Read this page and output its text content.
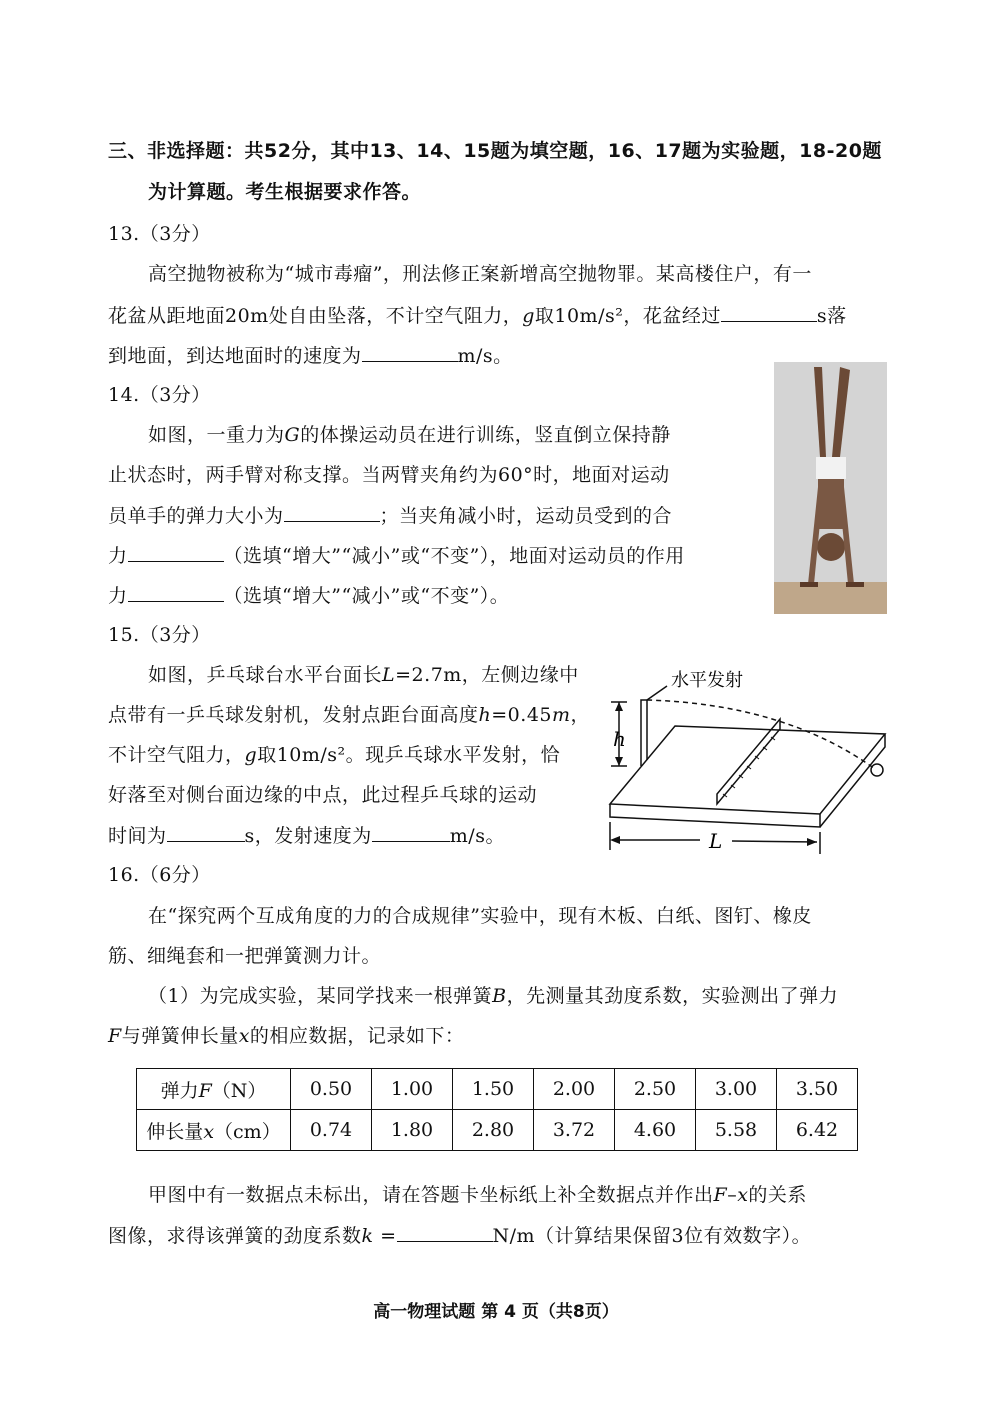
三、非选择题：共52分，其中13、14、15题为填空题，16、17题为实验题，18-20题
为计算题。考生根据要求作答。
13.（3分）
高空抛物被称为“城市毒瘤”，刑法修正案新增高空抛物罪。某高楼住户，有一
花盆从距地面20m处自由坠落，不计空气阻力，g取10m/s²，花盆经过	s落
到地面，到达地面时的速度为	m/s。
14.（3分）
如图，一重力为G的体操运动员在进行训练，竖直倒立保持静
止状态时，两手臂对称支撑。当两臂夹角约为60°时，地面对运动
员单手的弹力大小为	；当夹角减小时，运动员受到的合
力	（选填“增大”“减小”或“不变”），地面对运动员的作用
力	（选填“增大”“减小”或“不变”）。
15.（3分）
如图，乒乓球台水平台面长L=2.7m，左侧边缘中
点带有一乒乓球发射机，发射点距台面高度h=0.45m，
不计空气阻力，g取10m/s²。现乒乓球水平发射，恰
好落至对侧台面边缘的中点，此过程乒乓球的运动
时间为	s，发射速度为	m/s。
水平发射
h
L
16.（6分）
在“探究两个互成角度的力的合成规律”实验中，现有木板、白纸、图钉、橡皮
筋、细绳套和一把弹簧测力计。
（1）为完成实验，某同学找来一根弹簧B，先测量其劲度系数，实验测出了弹力
F与弹簧伸长量x的相应数据，记录如下：
弹力F（N）	0.50	1.00	1.50	2.00	2.50	3.00	3.50
伸长量x（cm）	0.74	1.80	2.80	3.72	4.60	5.58	6.42
甲图中有一数据点未标出，请在答题卡坐标纸上补全数据点并作出F–x的关系
图像，求得该弹簧的劲度系数k =	N/m（计算结果保留3位有效数字）。
高一物理试题 第 4 页（共8页）
